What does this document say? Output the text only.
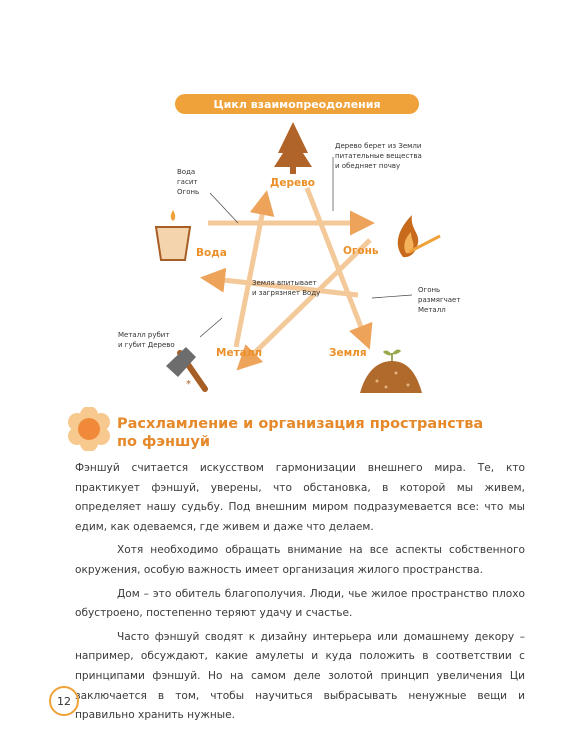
Цикл взаимопреодоления
Дерево
Огонь
Вода
*
Металл	Земля
Вода гасит Огонь
Дерево берет из Земли питательные вещества и обедняет почву
Огонь размягчает Металл
Земля впитывает и загрязняет Воду
Металл рубит и губит Дерево
Расхламление и организация пространства
по фэншуй

Фэншуй считается искусством гармонизации внешнего мира. Те, кто практикует фэншуй, уверены, что обстановка, в которой мы живем, определяет нашу судьбу. Под внешним миром подразумевается все: что мы едим, как одеваемся, где живем и даже что делаем.

Хотя необходимо обращать внимание на все аспекты собственного окружения, особую важность имеет организация жилого пространства.

Дом – это обитель благополучия. Люди, чье жилое пространство плохо обустроено, постепенно теряют удачу и счастье.

Часто фэншуй сводят к дизайну интерьера или домашнему декору – например, обсуждают, какие амулеты и куда положить в соответствии с принципами фэншуй. Но на самом деле золотой принцип увеличения Ци заключается в том, чтобы научиться выбрасывать ненужные вещи и правильно хранить нужные.

12
